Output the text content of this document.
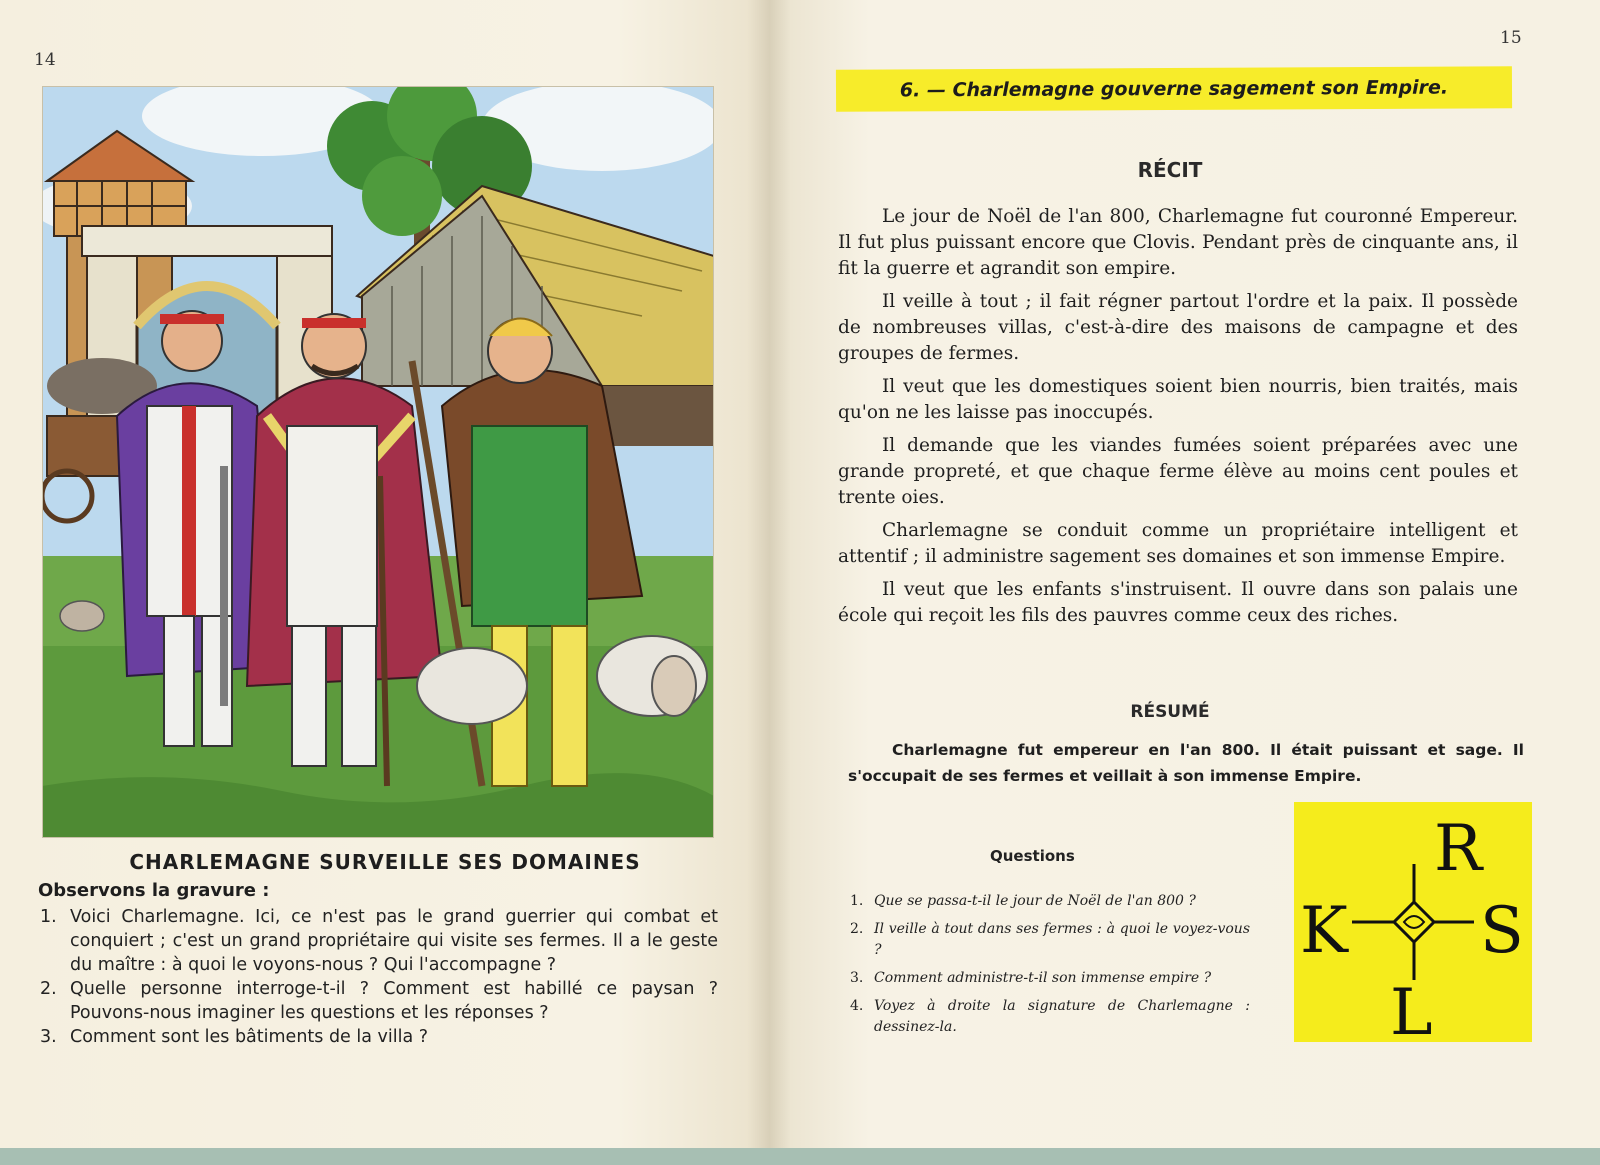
14
CHARLEMAGNE SURVEILLE SES DOMAINES
Observons la gravure :
1. Voici Charlemagne. Ici, ce n'est pas le grand guerrier qui combat et conquiert ; c'est un grand propriétaire qui visite ses fermes. Il a le geste du maître : à quoi le voyons-nous ? Qui l'accompagne ?
2. Quelle personne interroge-t-il ? Comment est habillé ce paysan ? Pouvons-nous imaginer les questions et les réponses ?
3. Comment sont les bâtiments de la villa ?
15
6. — Charlemagne gouverne sagement son Empire.
RÉCIT

Le jour de Noël de l'an 800, Charlemagne fut couronné Empereur. Il fut plus puissant encore que Clovis. Pendant près de cinquante ans, il fit la guerre et agrandit son empire.

Il veille à tout ; il fait régner partout l'ordre et la paix. Il possède de nombreuses villas, c'est-à-dire des maisons de campagne et des groupes de fermes.

Il veut que les domestiques soient bien nourris, bien traités, mais qu'on ne les laisse pas inoccupés.

Il demande que les viandes fumées soient préparées avec une grande propreté, et que chaque ferme élève au moins cent poules et trente oies.

Charlemagne se conduit comme un propriétaire intelligent et attentif ; il administre sagement ses domaines et son immense Empire.

Il veut que les enfants s'instruisent. Il ouvre dans son palais une école qui reçoit les fils des pauvres comme ceux des riches.

RÉSUMÉ
Charlemagne fut empereur en l'an 800. Il était puissant et sage. Il s'occupait de ses fermes et veillait à son immense Empire.
Questions
1. Que se passa-t-il le jour de Noël de l'an 800 ?
2. Il veille à tout dans ses fermes : à quoi le voyez-vous ?
3. Comment administre-t-il son immense empire ?
4. Voyez à droite la signature de Charlemagne : dessinez-la.
R
K S
L
